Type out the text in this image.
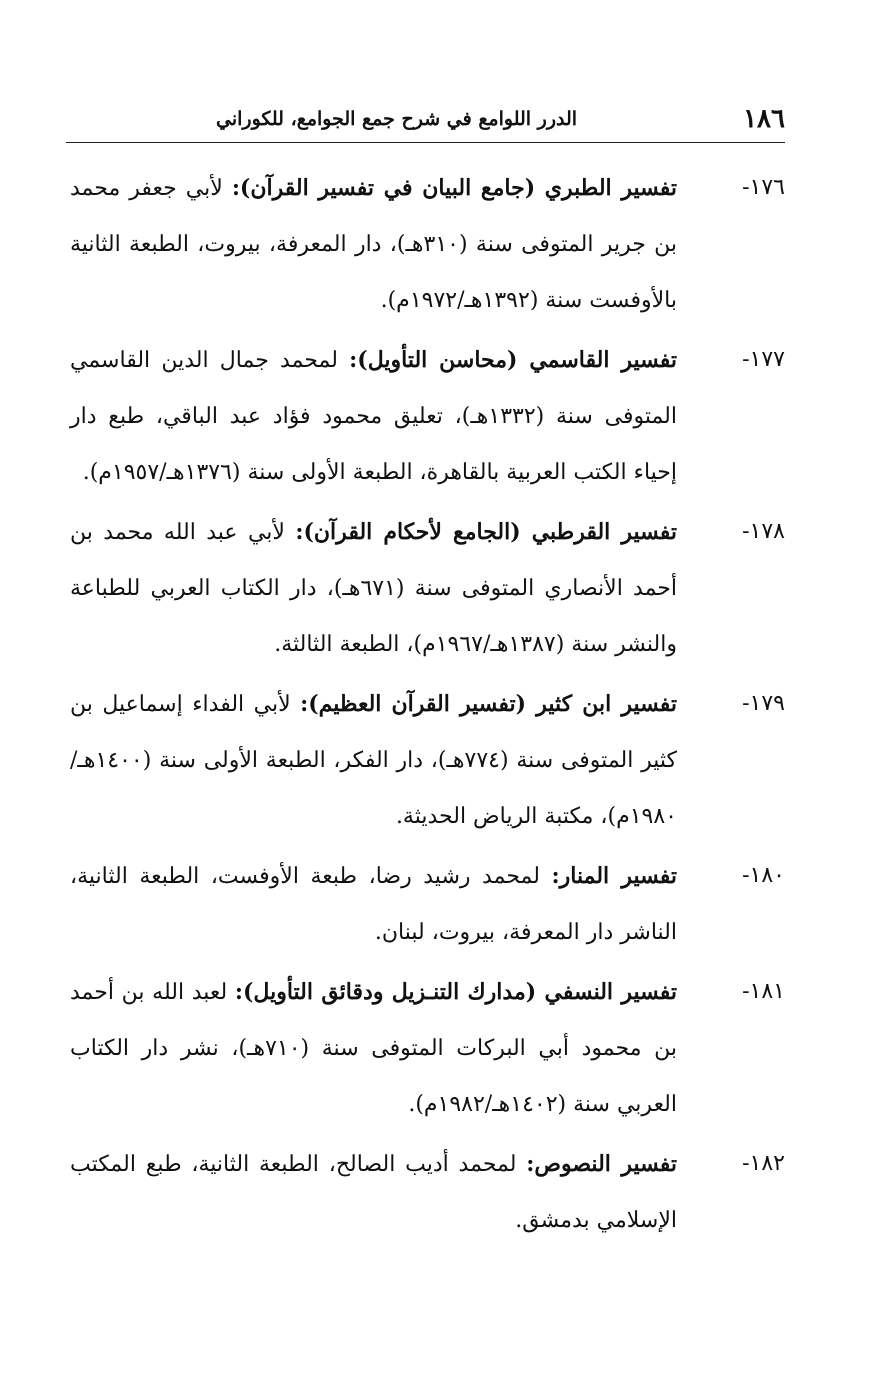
١٨٦
الدرر اللوامع في شرح جمع الجوامع، للكوراني
١٧٦-
تفسير الطبري (جامع البيان في تفسير القرآن): لأبي جعفر محمد بن جرير المتوفى سنة (٣١٠هـ)، دار المعرفة، بيروت، الطبعة الثانية بالأوفست سنة (١٣٩٢هـ/١٩٧٢م).
١٧٧-
تفسير القاسمي (محاسن التأويل): لمحمد جمال الدين القاسمي المتوفى سنة (١٣٣٢هـ)، تعليق محمود فؤاد عبد الباقي، طبع دار إحياء الكتب العربية بالقاهرة، الطبعة الأولى سنة (١٣٧٦هـ/١٩٥٧م).
١٧٨-
تفسير القرطبي (الجامع لأحكام القرآن): لأبي عبد الله محمد بن أحمد الأنصاري المتوفى سنة (٦٧١هـ)، دار الكتاب العربي للطباعة والنشر سنة (١٣٨٧هـ/١٩٦٧م)، الطبعة الثالثة.
١٧٩-
تفسير ابن كثير (تفسير القرآن العظيم): لأبي الفداء إسماعيل بن كثير المتوفى سنة (٧٧٤هـ)، دار الفكر، الطبعة الأولى سنة (١٤٠٠هـ/١٩٨٠م)، مكتبة الرياض الحديثة.
١٨٠-
تفسير المنار: لمحمد رشيد رضا، طبعة الأوفست، الطبعة الثانية، الناشر دار المعرفة، بيروت، لبنان.
١٨١-
تفسير النسفي (مدارك التنـزيل ودقائق التأويل): لعبد الله بن أحمد بن محمود أبي البركات المتوفى سنة (٧١٠هـ)، نشر دار الكتاب العربي سنة (١٤٠٢هـ/١٩٨٢م).
١٨٢-
تفسير النصوص: لمحمد أديب الصالح، الطبعة الثانية، طبع المكتب الإسلامي بدمشق.
